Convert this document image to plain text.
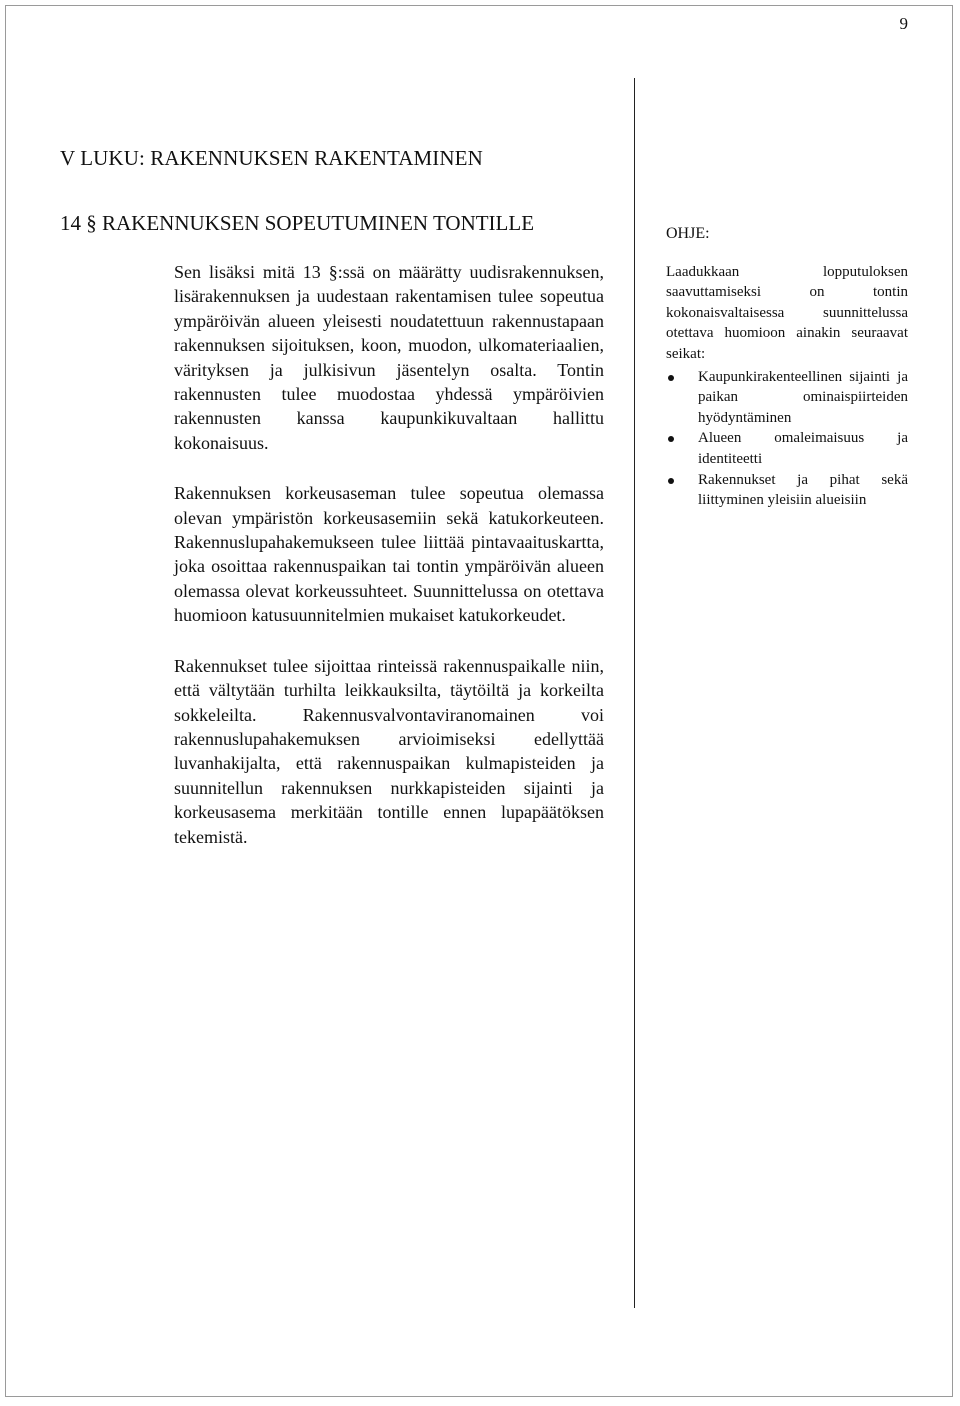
9
V LUKU: RAKENNUKSEN RAKENTAMINEN
14 § RAKENNUKSEN SOPEUTUMINEN TONTILLE

Sen lisäksi mitä 13 §:ssä on määrätty uudisrakennuksen, lisärakennuksen ja uudestaan rakentamisen tulee sopeutua ympäröivän alueen yleisesti noudatettuun rakennustapaan rakennuksen sijoituksen, koon, muodon, ulkomateriaalien, värityksen ja julkisivun jäsentelyn osalta. Tontin rakennusten tulee muodostaa yhdessä ympäröivien rakennusten kanssa kaupunkikuvaltaan hallittu kokonaisuus.

Rakennuksen korkeusaseman tulee sopeutua olemassa olevan ympäristön korkeusasemiin sekä katukorkeuteen. Rakennuslupahakemukseen tulee liittää pintavaaituskartta, joka osoittaa rakennuspaikan tai tontin ympäröivän alueen olemassa olevat korkeussuhteet. Suunnittelussa on otettava huomioon katusuunnitelmien mukaiset katukorkeudet.

Rakennukset tulee sijoittaa rinteissä rakennuspaikalle niin, että vältytään turhilta leikkauksilta, täytöiltä ja korkeilta sokkeleilta. Rakennusvalvontaviranomainen voi rakennuslupahakemuksen arvioimiseksi edellyttää luvanhakijalta, että rakennuspaikan kulmapisteiden ja suunnitellun rakennuksen nurkkapisteiden sijainti ja korkeusasema merkitään tontille ennen lupapäätöksen tekemistä.

OHJE:

Laadukkaan lopputuloksen saavuttamiseksi on tontin kokonaisvaltaisessa suunnittelussa otettava huomioon ainakin seuraavat seikat:

Kaupunkirakenteellinen sijainti ja paikan ominaispiirteiden hyödyntäminen
Alueen omaleimaisuus ja identiteetti
Rakennukset ja pihat sekä liittyminen yleisiin alueisiin
